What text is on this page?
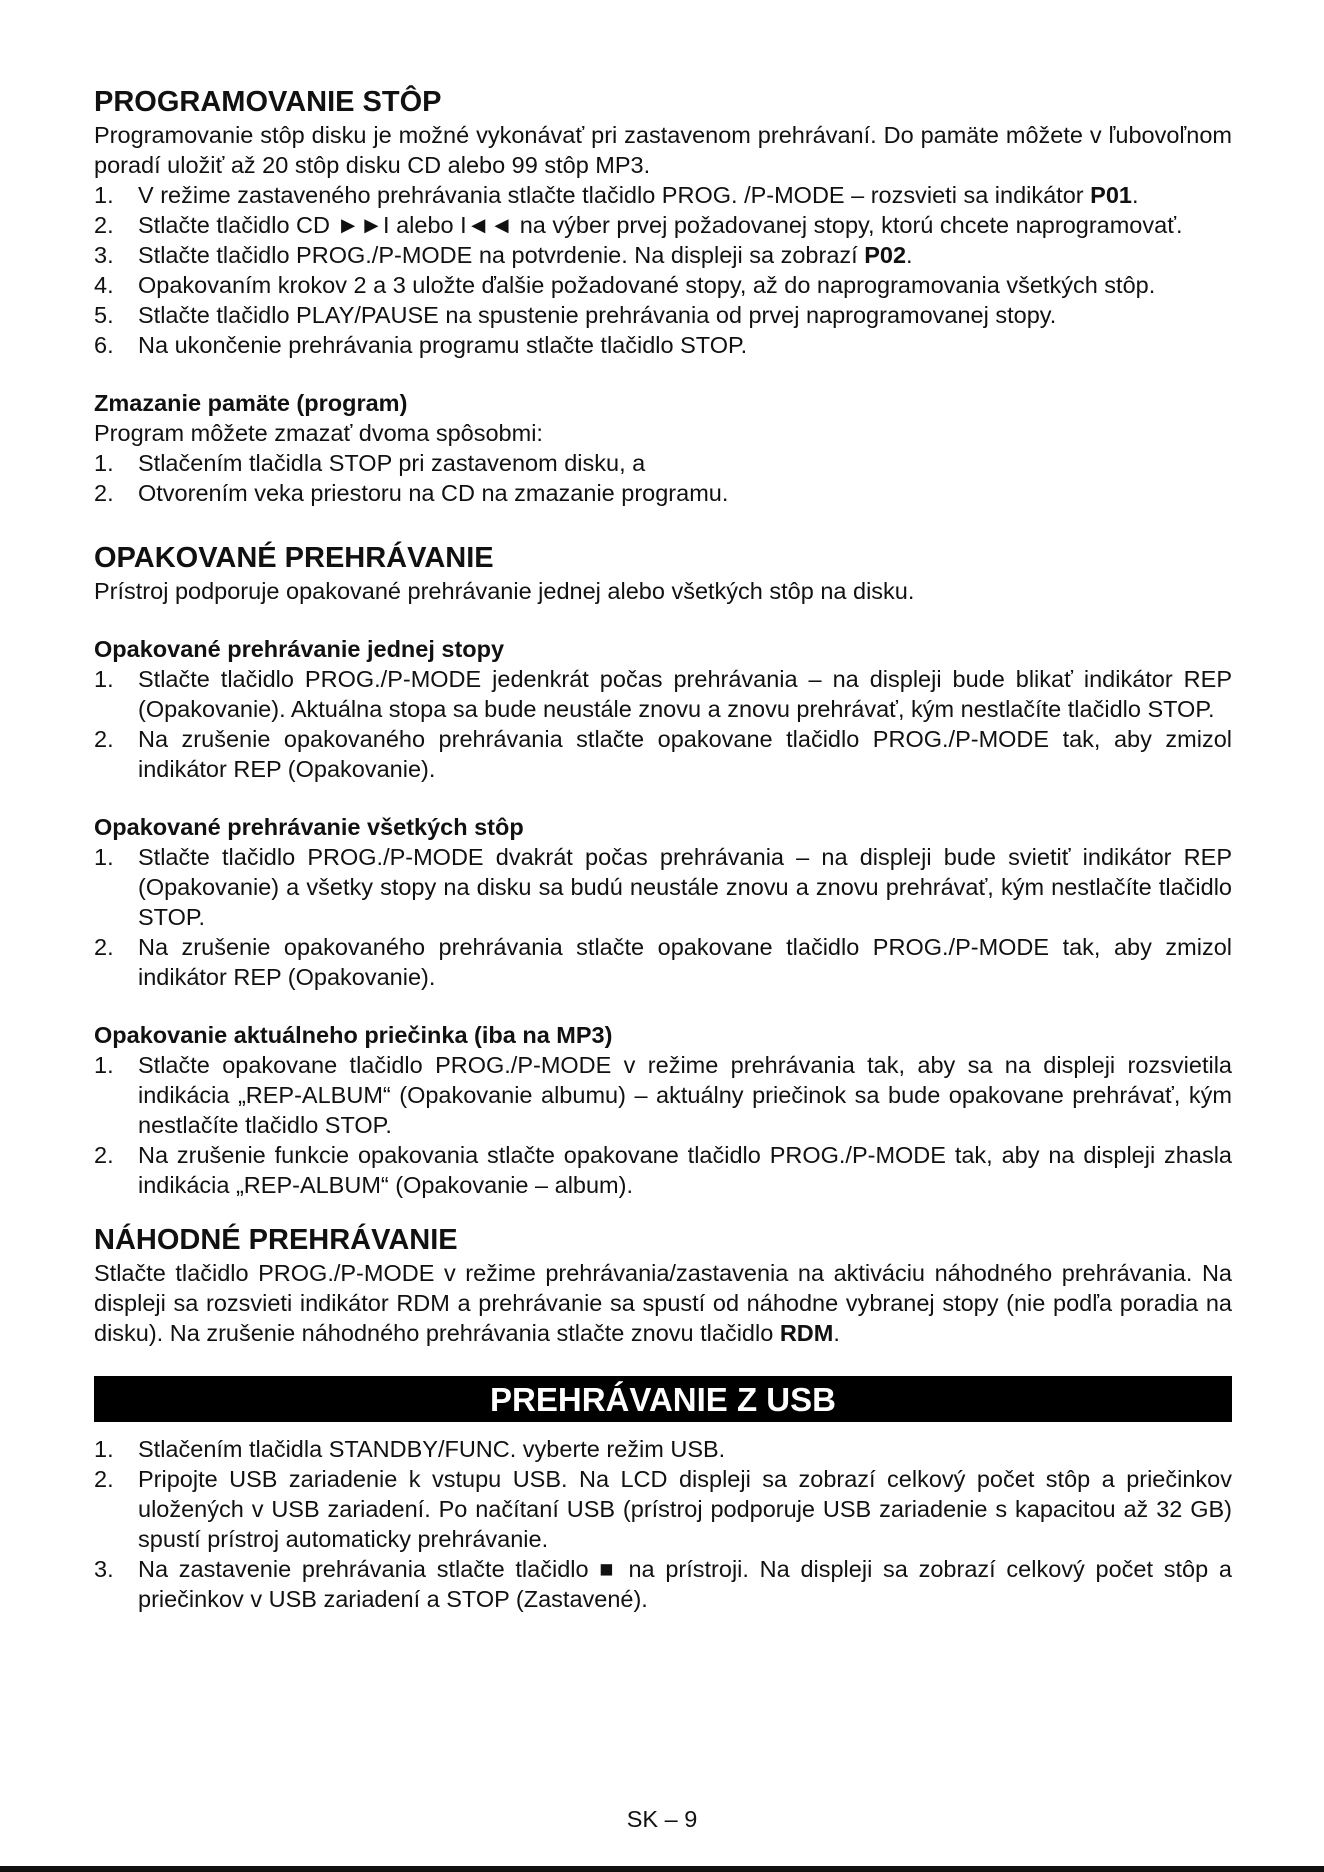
PROGRAMOVANIE STÔP

Programovanie stôp disku je možné vykonávať pri zastavenom prehrávaní. Do pamäte môžete v ľubovoľnom poradí uložiť až 20 stôp disku CD alebo 99 stôp MP3.

1. V režime zastaveného prehrávania stlačte tlačidlo PROG. /P-MODE – rozsvieti sa indikátor P01.
2. Stlačte tlačidlo CD ►►I alebo I◄◄ na výber prvej požadovanej stopy, ktorú chcete naprogramovať.
3. Stlačte tlačidlo PROG./P-MODE na potvrdenie. Na displeji sa zobrazí P02.
4. Opakovaním krokov 2 a 3 uložte ďalšie požadované stopy, až do naprogramovania všetkých stôp.
5. Stlačte tlačidlo PLAY/PAUSE na spustenie prehrávania od prvej naprogramovanej stopy.
6. Na ukončenie prehrávania programu stlačte tlačidlo STOP.
Zmazanie pamäte (program)

Program môžete zmazať dvoma spôsobmi:

1. Stlačením tlačidla STOP pri zastavenom disku, a
2. Otvorením veka priestoru na CD na zmazanie programu.
OPAKOVANÉ PREHRÁVANIE

Prístroj podporuje opakované prehrávanie jednej alebo všetkých stôp na disku.

Opakované prehrávanie jednej stopy
1. Stlačte tlačidlo PROG./P-MODE jedenkrát počas prehrávania – na displeji bude blikať indikátor REP (Opakovanie). Aktuálna stopa sa bude neustále znovu a znovu prehrávať, kým nestlačíte tlačidlo STOP.
2. Na zrušenie opakovaného prehrávania stlačte opakovane tlačidlo PROG./P-MODE tak, aby zmizol indikátor REP (Opakovanie).
Opakované prehrávanie všetkých stôp
1. Stlačte tlačidlo PROG./P-MODE dvakrát počas prehrávania – na displeji bude svietiť indikátor REP (Opakovanie) a všetky stopy na disku sa budú neustále znovu a znovu prehrávať, kým nestlačíte tlačidlo STOP.
2. Na zrušenie opakovaného prehrávania stlačte opakovane tlačidlo PROG./P-MODE tak, aby zmizol indikátor REP (Opakovanie).
Opakovanie aktuálneho priečinka (iba na MP3)
1. Stlačte opakovane tlačidlo PROG./P-MODE v režime prehrávania tak, aby sa na displeji rozsvietila indikácia „REP-ALBUM“ (Opakovanie albumu) – aktuálny priečinok sa bude opakovane prehrávať, kým nestlačíte tlačidlo STOP.
2. Na zrušenie funkcie opakovania stlačte opakovane tlačidlo PROG./P-MODE tak, aby na displeji zhasla indikácia „REP-ALBUM“ (Opakovanie – album).
NÁHODNÉ PREHRÁVANIE

Stlačte tlačidlo PROG./P-MODE v režime prehrávania/zastavenia na aktiváciu náhodného prehrávania. Na displeji sa rozsvieti indikátor RDM a prehrávanie sa spustí od náhodne vybranej stopy (nie podľa poradia na disku). Na zrušenie náhodného prehrávania stlačte znovu tlačidlo RDM.

PREHRÁVANIE Z USB
1. Stlačením tlačidla STANDBY/FUNC. vyberte režim USB.
2. Pripojte USB zariadenie k vstupu USB. Na LCD displeji sa zobrazí celkový počet stôp a priečinkov uložených v USB zariadení. Po načítaní USB (prístroj podporuje USB zariadenie s kapacitou až 32 GB) spustí prístroj automaticky prehrávanie.
3. Na zastavenie prehrávania stlačte tlačidlo ■ na prístroji. Na displeji sa zobrazí celkový počet stôp a priečinkov v USB zariadení a STOP (Zastavené).
SK – 9
